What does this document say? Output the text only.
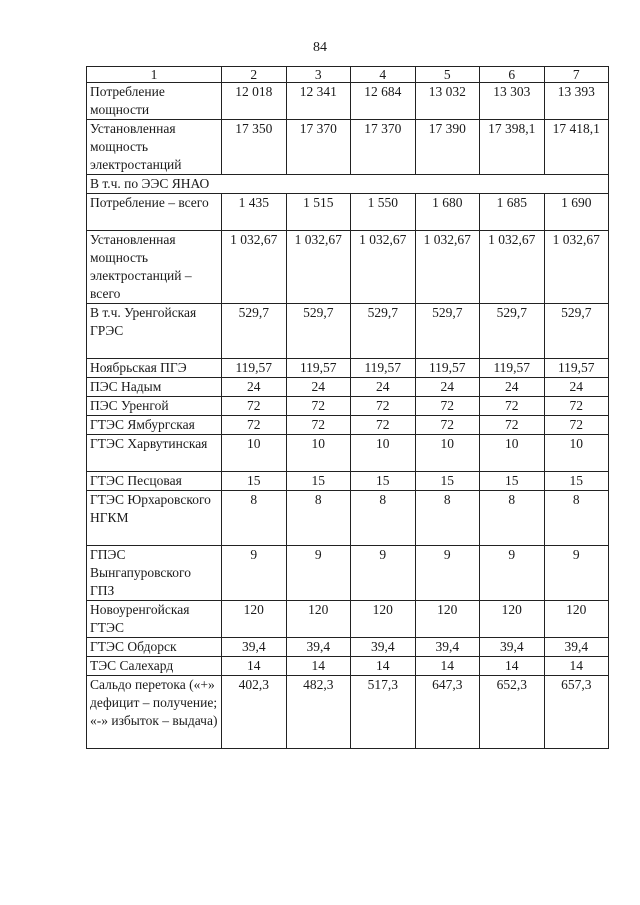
84
1	2	3	4	5	6	7
Потребление мощности	12 018	12 341	12 684	13 032	13 303	13 393
Установленная мощность электростанций	17 350	17 370	17 370	17 390	17 398,1	17 418,1
В т.ч. по ЭЭС ЯНАО						
Потребление – всего	1 435	1 515	1 550	1 680	1 685	1 690
Установленная мощность электростанций – всего	1 032,67	1 032,67	1 032,67	1 032,67	1 032,67	1 032,67
В т.ч. Уренгойская ГРЭС	529,7	529,7	529,7	529,7	529,7	529,7
Ноябрьская ПГЭ	119,57	119,57	119,57	119,57	119,57	119,57
ПЭС Надым	24	24	24	24	24	24
ПЭС Уренгой	72	72	72	72	72	72
ГТЭС Ямбургская	72	72	72	72	72	72
ГТЭС Харвутинская	10	10	10	10	10	10
ГТЭС Песцовая	15	15	15	15	15	15
ГТЭС Юрхаровского НГКМ	8	8	8	8	8	8
ГПЭС Вынгапуровского ГПЗ	9	9	9	9	9	9
Новоуренгойская ГТЭС	120	120	120	120	120	120
ГТЭС Обдорск	39,4	39,4	39,4	39,4	39,4	39,4
ТЭС Салехард	14	14	14	14	14	14
Сальдо перетока («+» дефицит – получение; «-» избыток – выдача)	402,3	482,3	517,3	647,3	652,3	657,3
